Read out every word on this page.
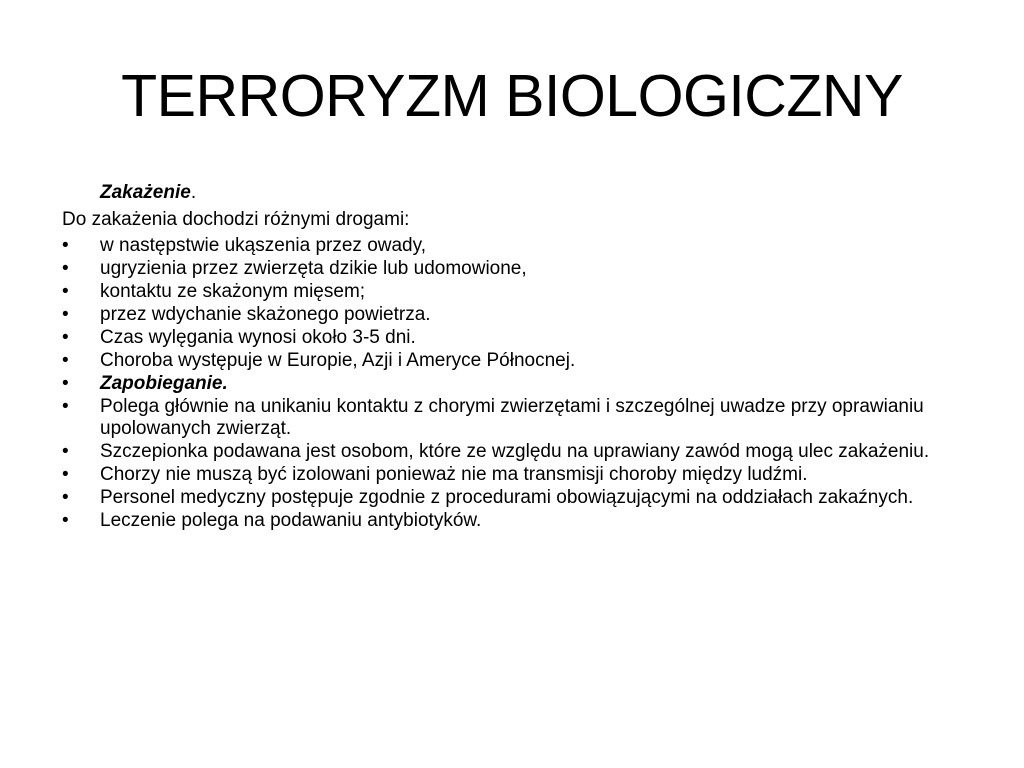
TERRORYZM BIOLOGICZNY
Zakażenie.
Do zakażenia dochodzi różnymi drogami:
• w następstwie ukąszenia przez owady,
• ugryzienia przez zwierzęta dzikie lub udomowione,
• kontaktu ze skażonym mięsem;
• przez wdychanie skażonego powietrza.
• Czas wylęgania wynosi około 3-5 dni.
• Choroba występuje w Europie, Azji i Ameryce Północnej.
• Zapobieganie.
• Polega głównie na unikaniu kontaktu z chorymi zwierzętami i szczególnej uwadze przy oprawianiu upolowanych zwierząt.
• Szczepionka podawana jest osobom, które ze względu na uprawiany zawód mogą ulec zakażeniu.
• Chorzy nie muszą być izolowani ponieważ nie ma transmisji choroby między ludźmi.
• Personel medyczny postępuje zgodnie z procedurami obowiązującymi na oddziałach zakaźnych.
• Leczenie polega na podawaniu antybiotyków.
